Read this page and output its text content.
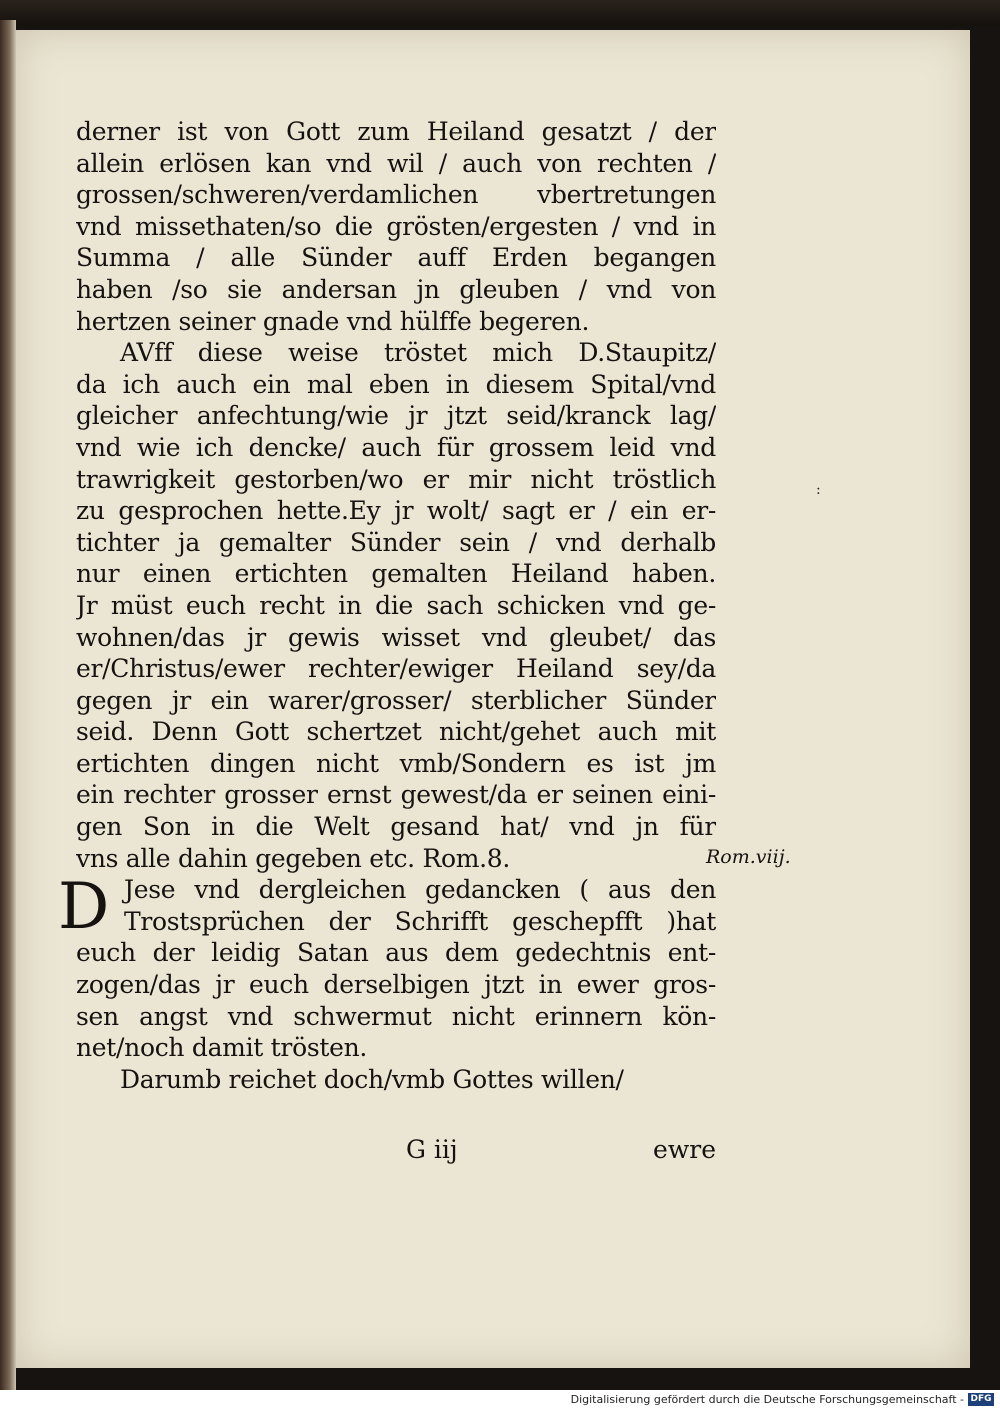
derner ist von Gott zum Heiland gesatzt / der
allein erlösen kan vnd wil / auch von rechten /
grossen/schweren/verdamlichen vbertretungen
vnd missethaten/so die grösten/ergesten / vnd in
Summa / alle Sünder auff Erden begangen
haben /so sie andersan jn gleuben / vnd von
hertzen seiner gnade vnd hülffe begeren.
AVff diese weise tröstet mich D.Staupitz/
da ich auch ein mal eben in diesem Spital/vnd
gleicher anfechtung/wie jr jtzt seid/kranck lag/
vnd wie ich dencke/ auch für grossem leid vnd
trawrigkeit gestorben/wo er mir nicht tröstlich
zu gesprochen hette.Ey jr wolt/ sagt er / ein er-
tichter ja gemalter Sünder sein / vnd derhalb
nur einen ertichten gemalten Heiland haben.
Jr müst euch recht in die sach schicken vnd ge-
wohnen/das jr gewis wisset vnd gleubet/ das
er/Christus/ewer rechter/ewiger Heiland sey/da
gegen jr ein warer/grosser/ sterblicher Sünder
seid. Denn Gott schertzet nicht/gehet auch mit
ertichten dingen nicht vmb/Sondern es ist jm
ein rechter grosser ernst gewest/da er seinen eini-
gen Son in die Welt gesand hat/ vnd jn für
vns alle dahin gegeben etc. Rom.8.
Jese vnd dergleichen gedancken ( aus den
Trostsprüchen der Schrifft geschepfft )hat
euch der leidig Satan aus dem gedechtnis ent-
zogen/das jr euch derselbigen jtzt in ewer gros-
sen angst vnd schwermut nicht erinnern kön-
net/noch damit trösten.
Darumb reichet doch/vmb Gottes willen/
D
:
Rom.viij.
G iij	ewre
Digitalisierung gefördert durch die Deutsche Forschungsgemeinschaft - DFG
